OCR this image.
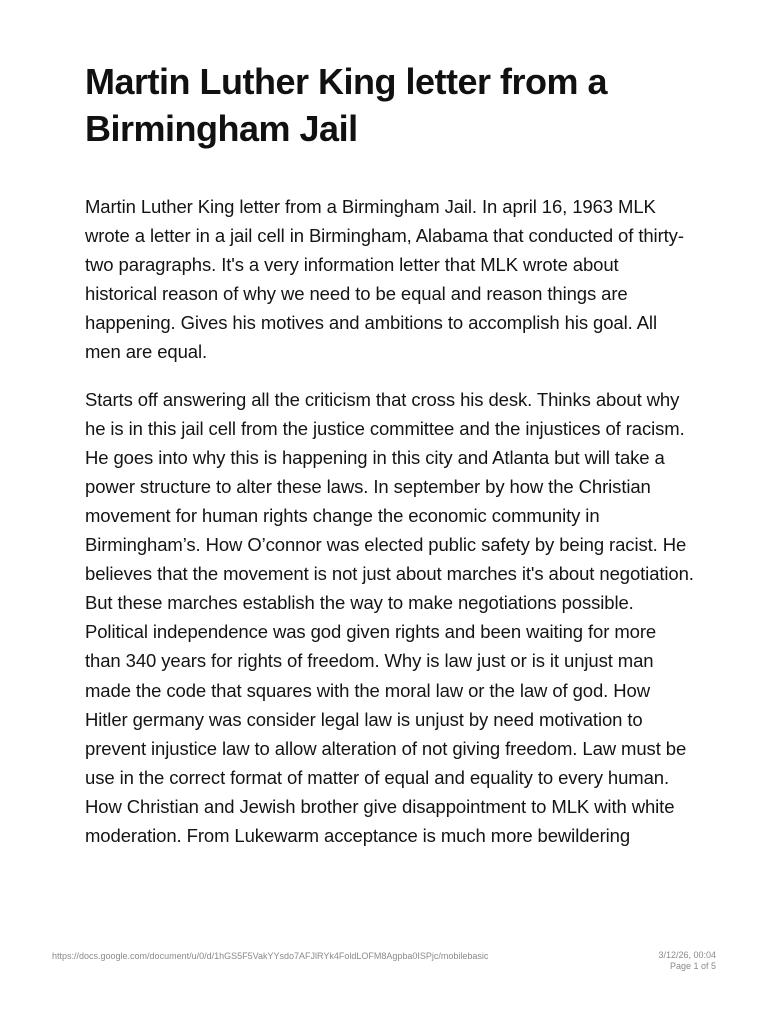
Martin Luther King letter from a Birmingham Jail

Martin Luther King letter from a Birmingham Jail. In april 16, 1963 MLK wrote a letter in a jail cell in Birmingham, Alabama that conducted of thirty-two paragraphs. It's a very information letter that MLK wrote about historical reason of why we need to be equal and reason things are happening. Gives his motives and ambitions to accomplish his goal. All men are equal.

Starts off answering all the criticism that cross his desk. Thinks about why he is in this jail cell from the justice committee and the injustices of racism. He goes into why this is happening in this city and Atlanta but will take a power structure to alter these laws. In september by how the Christian movement for human rights change the economic community in Birmingham’s. How O’connor was elected public safety by being racist. He believes that the movement is not just about marches it's about negotiation. But these marches establish the way to make negotiations possible. Political independence was god given rights and been waiting for more than 340 years for rights of freedom. Why is law just or is it unjust man made the code that squares with the moral law or the law of god. How Hitler germany was consider legal law is unjust by need motivation to prevent injustice law to allow alteration of not giving freedom. Law must be use in the correct format of matter of equal and equality to every human. How Christian and Jewish brother give disappointment to MLK with white moderation. From Lukewarm acceptance is much more bewildering

https://docs.google.com/document/u/0/d/1hGS5F5VakYYsdo7AFJlRYk4FoldLOFM8Agpba0ISPjc/mobilebasic	3/12/26, 00:04
Page 1 of 5
